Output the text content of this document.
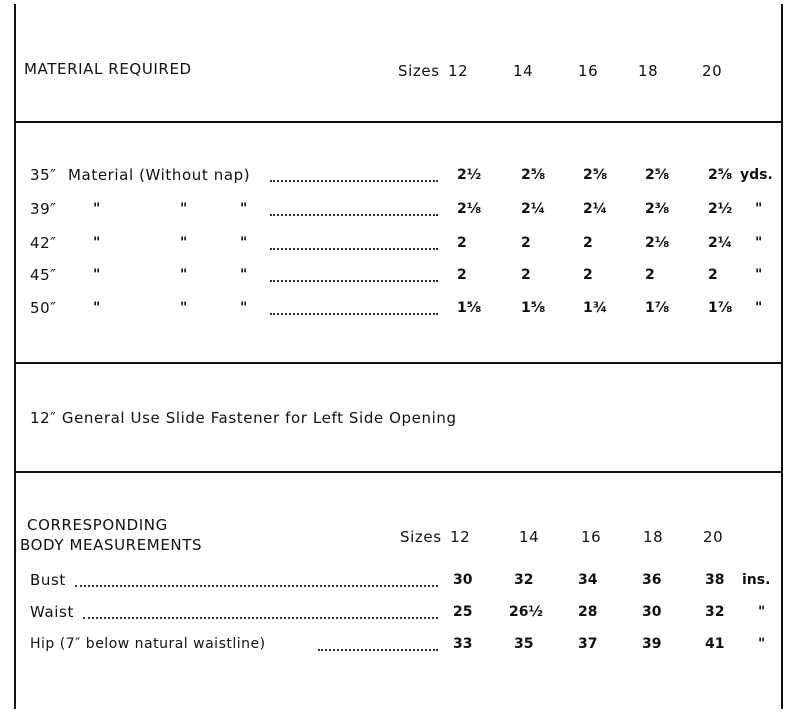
MATERIAL REQUIRED	Sizes 12	14	16	18	20
35″ Material (Without nap)	2½	2⅝	2⅝	2⅝	2⅝ yds.
39″	"	"	"	2⅛	2¼	2¼	2⅜	2½ "
42″	"	"	"	2	2	2	2⅛	2¼ "
45″	"	"	"	2	2	2	2	2	"
50″	"	"	"	1⅝	1⅝	1¾	1⅞	1⅞ "
12″ General Use Slide Fastener for Left Side Opening
CORRESPONDING
BODY MEASUREMENTS	Sizes 12	14	16	18	20
Bust	30	32	34	36	38 ins.
Waist	25	26½	28	30	32 "
Hip (7″ below natural waistline)	33	35	37	39	41 "
